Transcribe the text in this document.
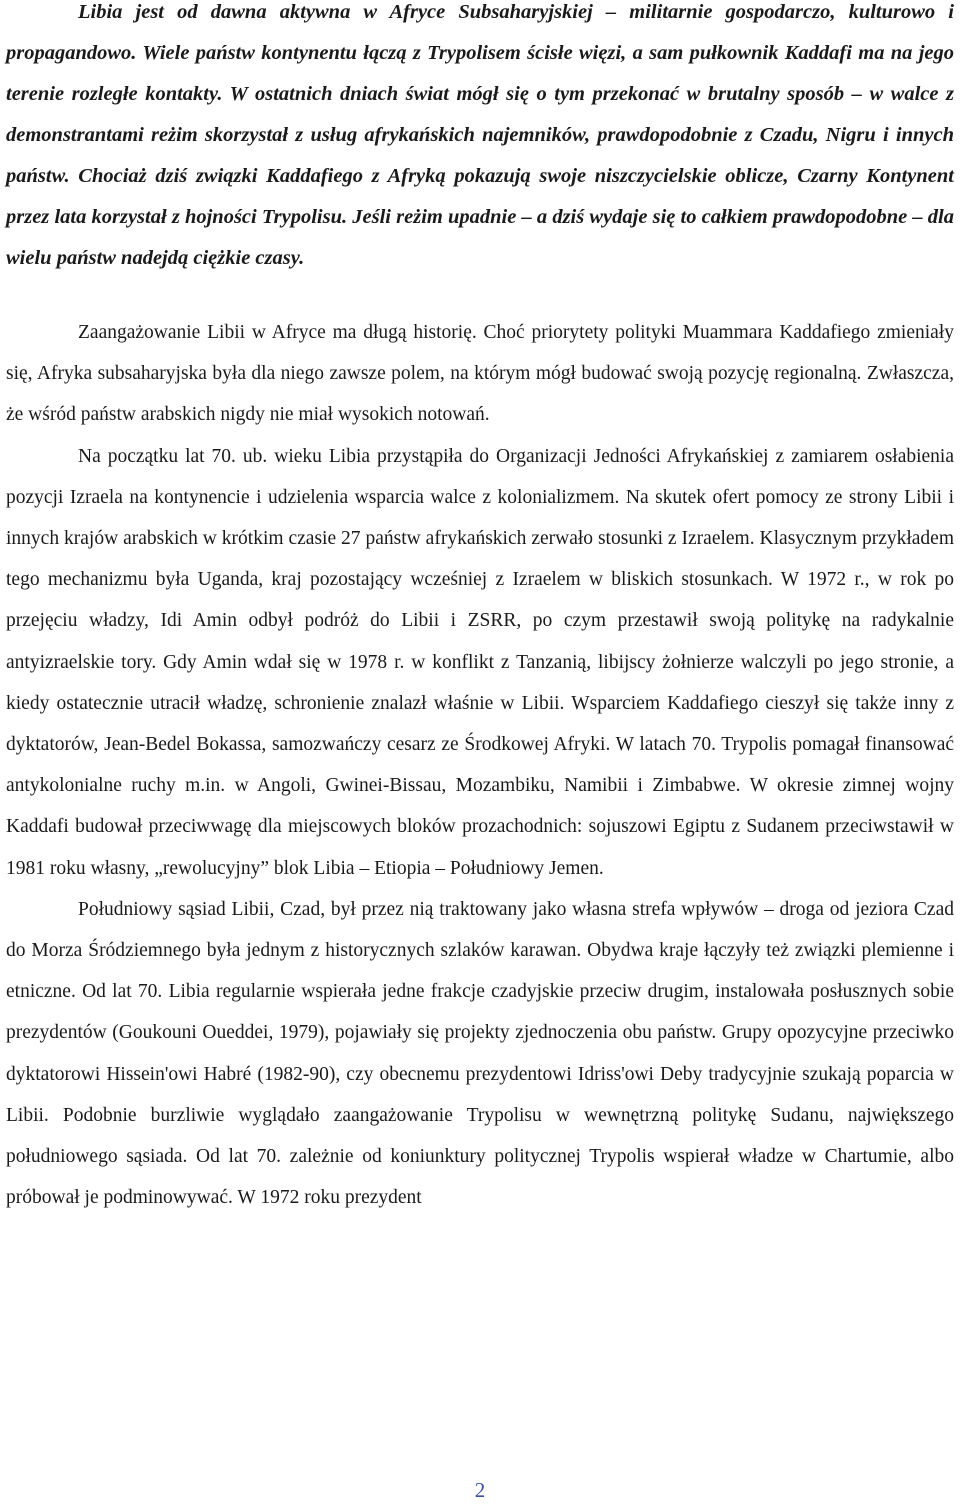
Libia jest od dawna aktywna w Afryce Subsaharyjskiej – militarnie gospodarczo, kulturowo i propagandowo. Wiele państw kontynentu łączą z Trypolisem ścisłe więzi, a sam pułkownik Kaddafi ma na jego terenie rozległe kontakty. W ostatnich dniach świat mógł się o tym przekonać w brutalny sposób – w walce z demonstrantami reżim skorzystał z usług afrykańskich najemników, prawdopodobnie z Czadu, Nigru i innych państw. Chociaż dziś związki Kaddafiego z Afryką pokazują swoje niszczycielskie oblicze, Czarny Kontynent przez lata korzystał z hojności Trypolisu. Jeśli reżim upadnie – a dziś wydaje się to całkiem prawdopodobne – dla wielu państw nadejdą ciężkie czasy.

Zaangażowanie Libii w Afryce ma długą historię. Choć priorytety polityki Muammara Kaddafiego zmieniały się, Afryka subsaharyjska była dla niego zawsze polem, na którym mógł budować swoją pozycję regionalną. Zwłaszcza, że wśród państw arabskich nigdy nie miał wysokich notowań.

Na początku lat 70. ub. wieku Libia przystąpiła do Organizacji Jedności Afrykańskiej z zamiarem osłabienia pozycji Izraela na kontynencie i udzielenia wsparcia walce z kolonializmem. Na skutek ofert pomocy ze strony Libii i innych krajów arabskich w krótkim czasie 27 państw afrykańskich zerwało stosunki z Izraelem. Klasycznym przykładem tego mechanizmu była Uganda, kraj pozostający wcześniej z Izraelem w bliskich stosunkach. W 1972 r., w rok po przejęciu władzy, Idi Amin odbył podróż do Libii i ZSRR, po czym przestawił swoją politykę na radykalnie antyizraelskie tory. Gdy Amin wdał się w 1978 r. w konflikt z Tanzanią, libijscy żołnierze walczyli po jego stronie, a kiedy ostatecznie utracił władzę, schronienie znalazł właśnie w Libii. Wsparciem Kaddafiego cieszył się także inny z dyktatorów, Jean-Bedel Bokassa, samozwańczy cesarz ze Środkowej Afryki. W latach 70. Trypolis pomagał finansować antykolonialne ruchy m.in. w Angoli, Gwinei-Bissau, Mozambiku, Namibii i Zimbabwe. W okresie zimnej wojny Kaddafi budował przeciwwagę dla miejscowych bloków prozachodnich: sojuszowi Egiptu z Sudanem przeciwstawił w 1981 roku własny, „rewolucyjny” blok Libia – Etiopia – Południowy Jemen.

Południowy sąsiad Libii, Czad, był przez nią traktowany jako własna strefa wpływów – droga od jeziora Czad do Morza Śródziemnego była jednym z historycznych szlaków karawan. Obydwa kraje łączyły też związki plemienne i etniczne. Od lat 70. Libia regularnie wspierała jedne frakcje czadyjskie przeciw drugim, instalowała posłusznych sobie prezydentów (Goukouni Oueddei, 1979), pojawiały się projekty zjednoczenia obu państw. Grupy opozycyjne przeciwko dyktatorowi Hissein'owi Habré (1982-90), czy obecnemu prezydentowi Idriss'owi Deby tradycyjnie szukają poparcia w Libii. Podobnie burzliwie wyglądało zaangażowanie Trypolisu w wewnętrzną politykę Sudanu, największego południowego sąsiada. Od lat 70. zależnie od koniunktury politycznej Trypolis wspierał władze w Chartumie, albo próbował je podminowywać. W 1972 roku prezydent

2
